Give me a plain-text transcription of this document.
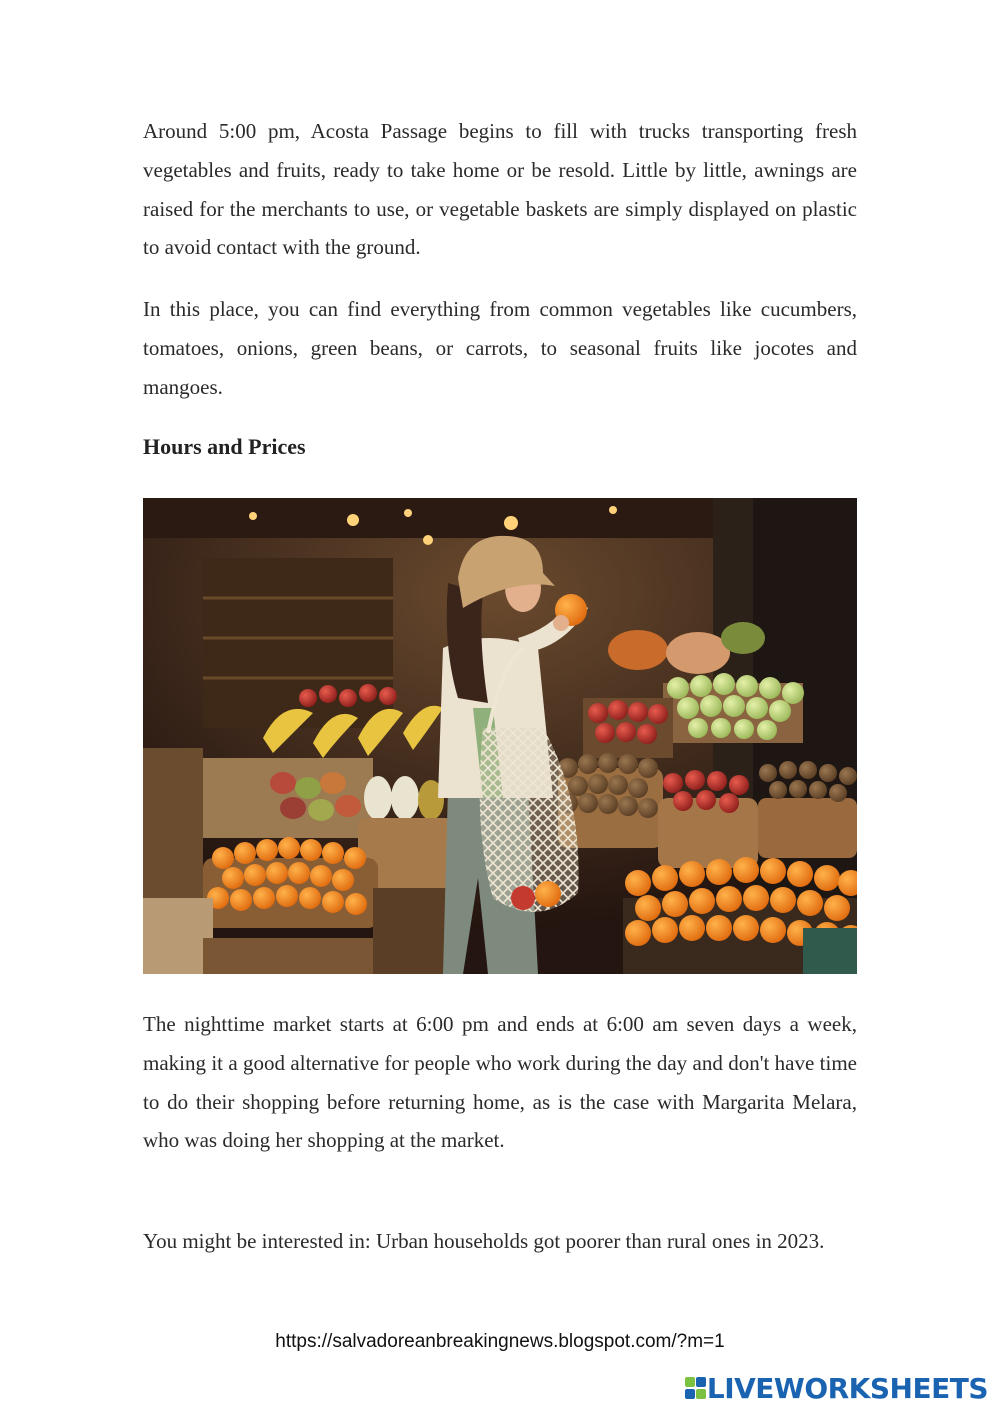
Around 5:00 pm, Acosta Passage begins to fill with trucks transporting fresh vegetables and fruits, ready to take home or be resold. Little by little, awnings are raised for the merchants to use, or vegetable baskets are simply displayed on plastic to avoid contact with the ground.

In this place, you can find everything from common vegetables like cucumbers, tomatoes, onions, green beans, or carrots, to seasonal fruits like jocotes and mangoes.

Hours and Prices

The nighttime market starts at 6:00 pm and ends at 6:00 am seven days a week, making it a good alternative for people who work during the day and don't have time to do their shopping before returning home, as is the case with Margarita Melara, who was doing her shopping at the market.

You might be interested in: Urban households got poorer than rural ones in 2023.

https://salvadoreanbreakingnews.blogspot.com/?m=1
LIVEWORKSHEETS
